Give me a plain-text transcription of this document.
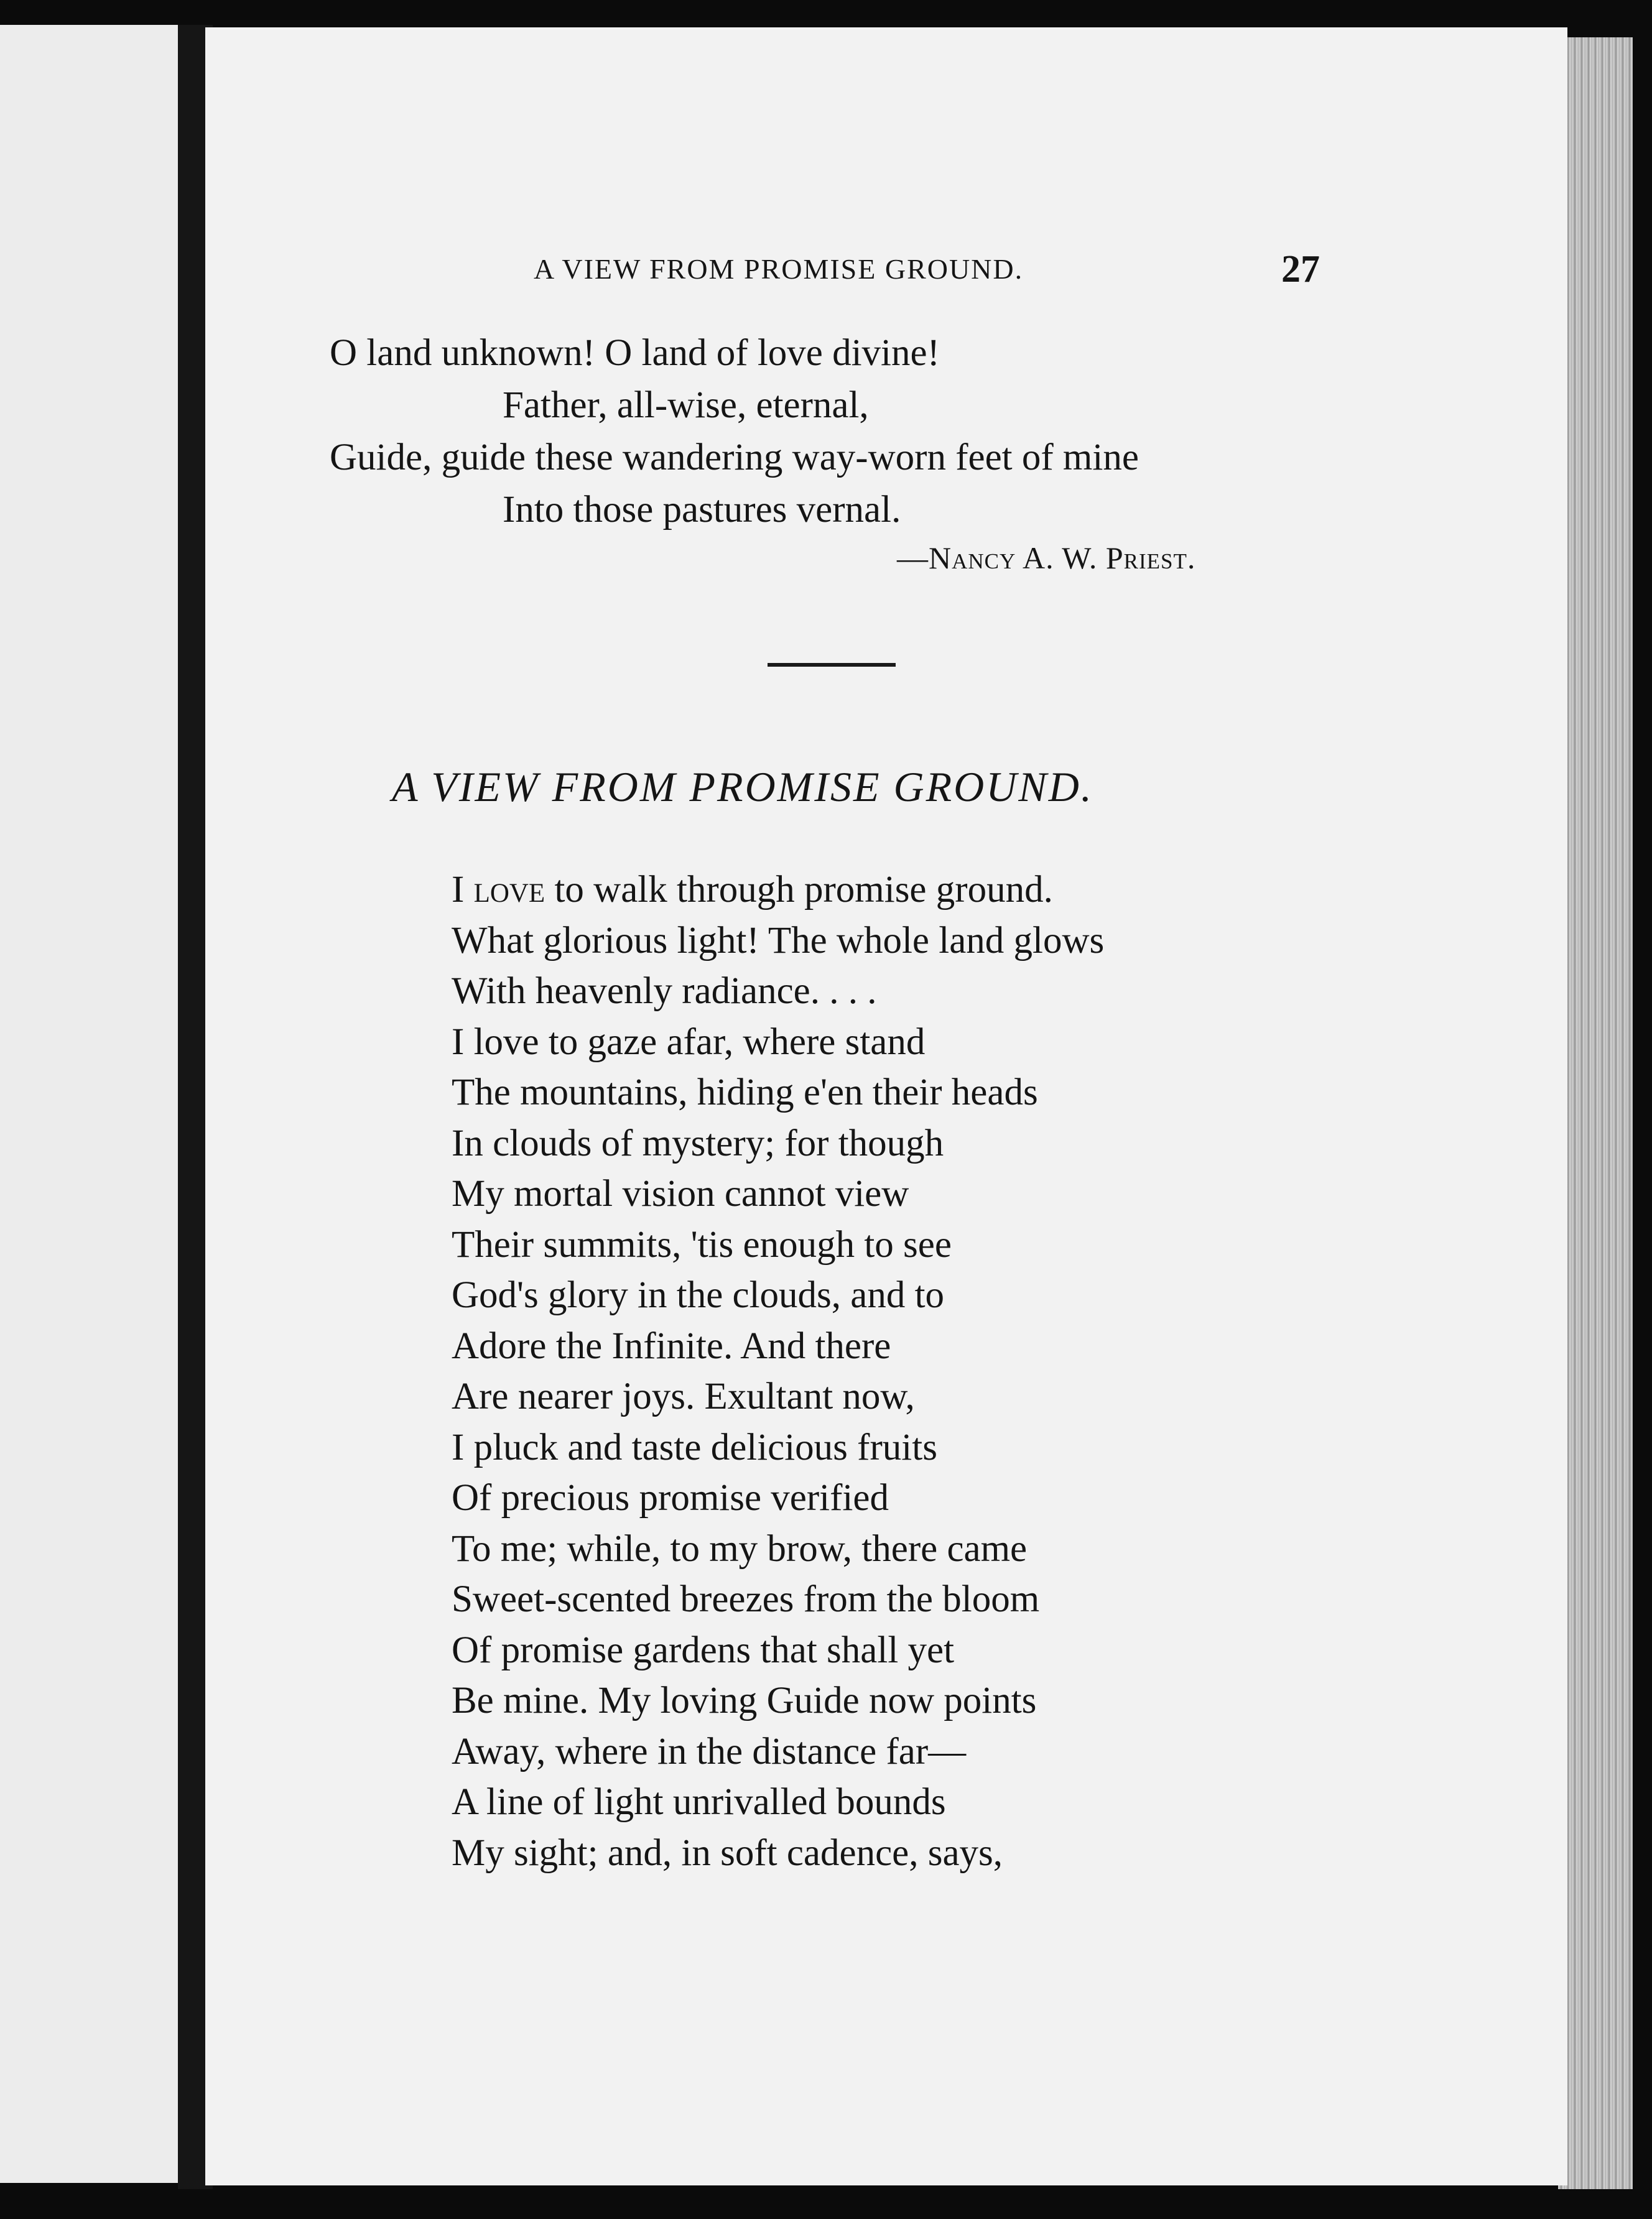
A VIEW FROM PROMISE GROUND.	27
O land unknown! O land of love divine!
Father, all-wise, eternal,
Guide, guide these wandering way-worn feet of mine
Into those pastures vernal.
—Nancy A. W. Priest.
A VIEW FROM PROMISE GROUND.
I love to walk through promise ground.
What glorious light! The whole land glows
With heavenly radiance. . . .
I love to gaze afar, where stand
The mountains, hiding e'en their heads
In clouds of mystery; for though
My mortal vision cannot view
Their summits, 'tis enough to see
God's glory in the clouds, and to
Adore the Infinite. And there
Are nearer joys. Exultant now,
I pluck and taste delicious fruits
Of precious promise verified
To me; while, to my brow, there came
Sweet-scented breezes from the bloom
Of promise gardens that shall yet
Be mine. My loving Guide now points
Away, where in the distance far—
A line of light unrivalled bounds
My sight; and, in soft cadence, says,
